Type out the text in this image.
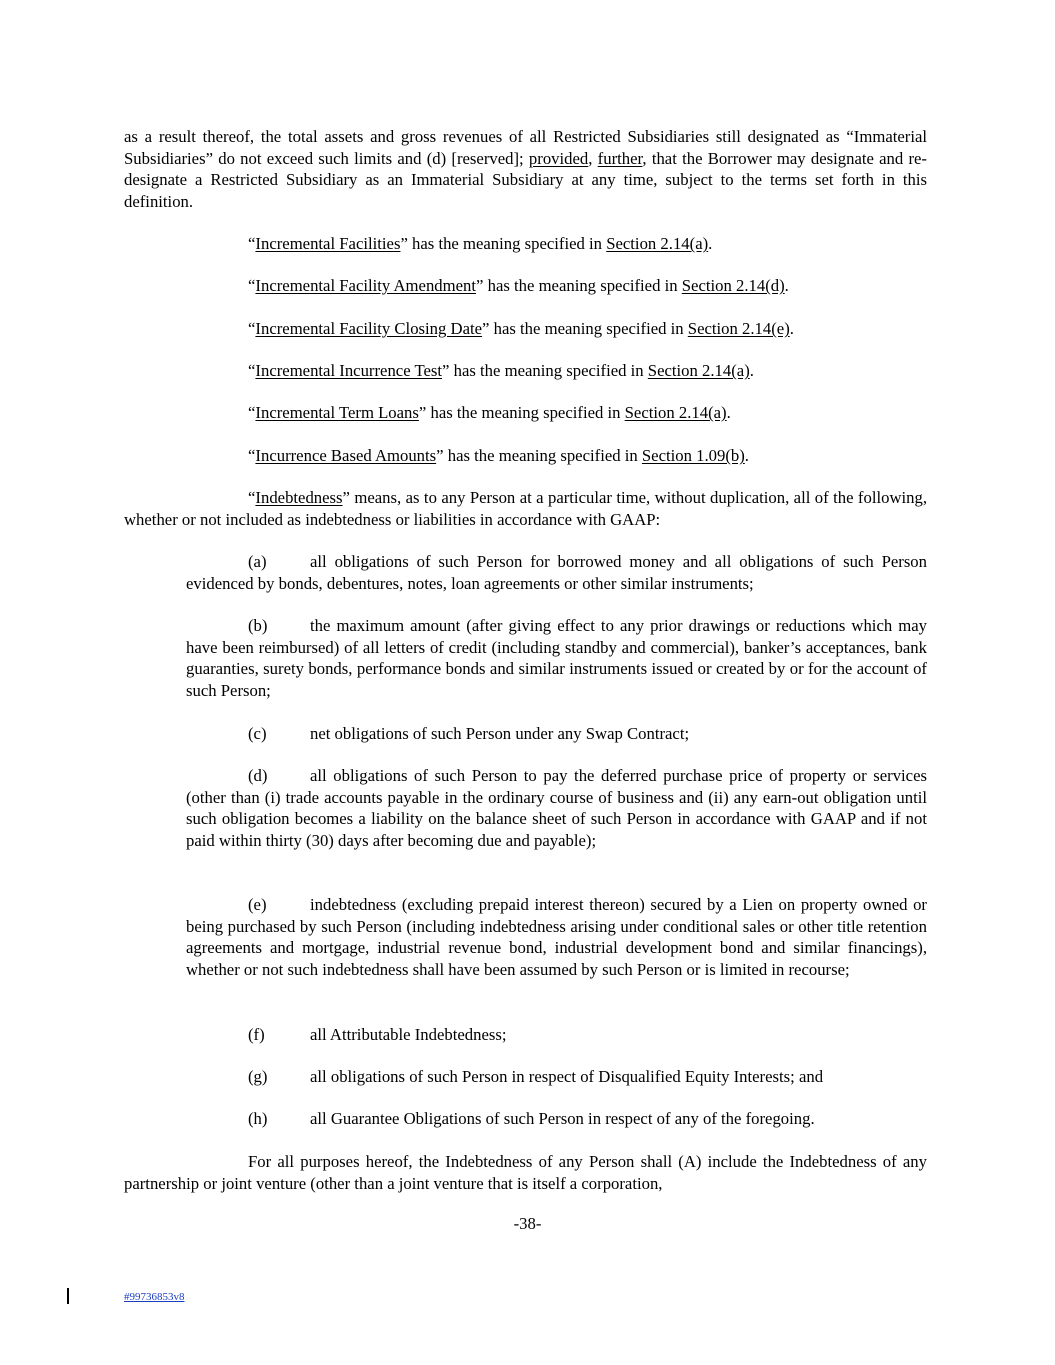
as a result thereof, the total assets and gross revenues of all Restricted Subsidiaries still designated as “Immaterial Subsidiaries” do not exceed such limits and (d) [reserved]; provided, further, that the Borrower may designate and re-designate a Restricted Subsidiary as an Immaterial Subsidiary at any time, subject to the terms set forth in this definition.

“Incremental Facilities” has the meaning specified in Section 2.14(a).

“Incremental Facility Amendment” has the meaning specified in Section 2.14(d).

“Incremental Facility Closing Date” has the meaning specified in Section 2.14(e).

“Incremental Incurrence Test” has the meaning specified in Section 2.14(a).

“Incremental Term Loans” has the meaning specified in Section 2.14(a).

“Incurrence Based Amounts” has the meaning specified in Section 1.09(b).

“Indebtedness” means, as to any Person at a particular time, without duplication, all of the following, whether or not included as indebtedness or liabilities in accordance with GAAP:

(a)	all obligations of such Person for borrowed money and all obligations of such Person evidenced by bonds, debentures, notes, loan agreements or other similar instruments;

(b)	the maximum amount (after giving effect to any prior drawings or reductions which may have been reimbursed) of all letters of credit (including standby and commercial), banker’s acceptances, bank guaranties, surety bonds, performance bonds and similar instruments issued or created by or for the account of such Person;

(c)	net obligations of such Person under any Swap Contract;

(d)	all obligations of such Person to pay the deferred purchase price of property or services (other than (i) trade accounts payable in the ordinary course of business and (ii) any earn-out obligation until such obligation becomes a liability on the balance sheet of such Person in accordance with GAAP and if not paid within thirty (30) days after becoming due and payable);

(e)	indebtedness (excluding prepaid interest thereon) secured by a Lien on property owned or being purchased by such Person (including indebtedness arising under conditional sales or other title retention agreements and mortgage, industrial revenue bond, industrial development bond and similar financings), whether or not such indebtedness shall have been assumed by such Person or is limited in recourse;

(f)	all Attributable Indebtedness;
(g)	all obligations of such Person in respect of Disqualified Equity Interests; and
(h)	all Guarantee Obligations of such Person in respect of any of the foregoing.

For all purposes hereof, the Indebtedness of any Person shall (A) include the Indebtedness of any partnership or joint venture (other than a joint venture that is itself a corporation,

-38-
#99736853v8
